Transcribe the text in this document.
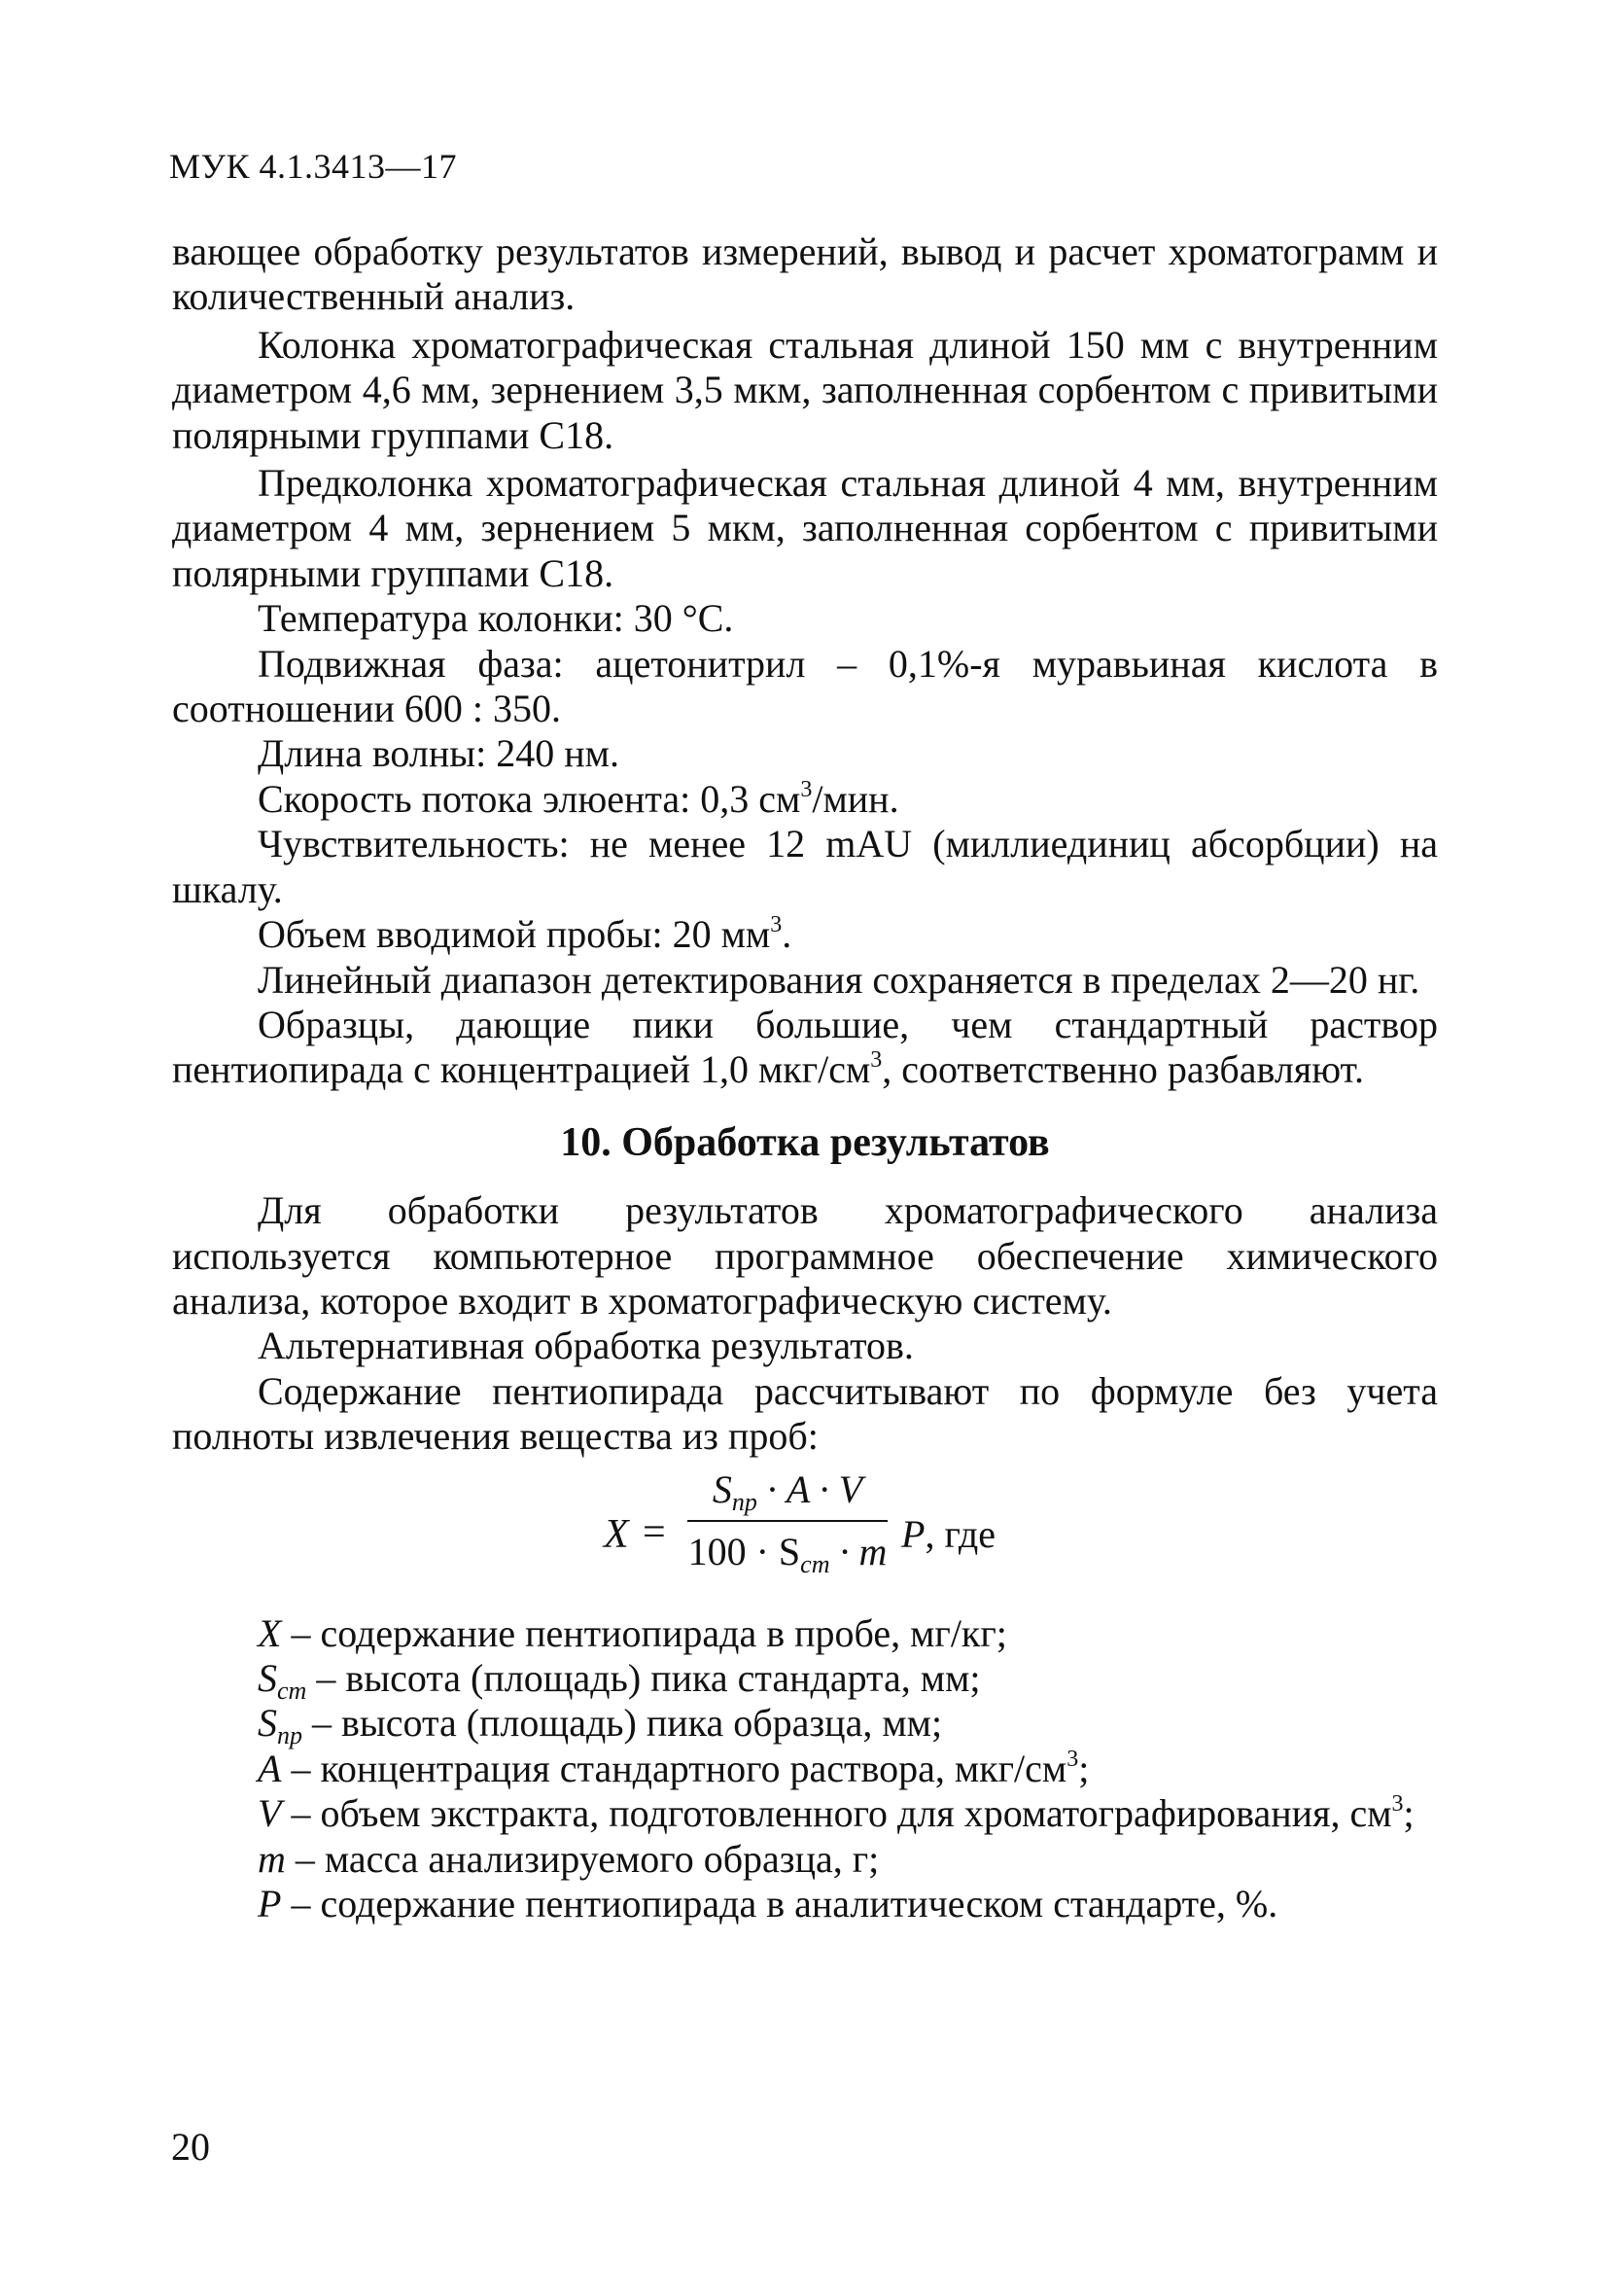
МУК 4.1.3413—17

вающее обработку результатов измерений, вывод и расчет хроматограмм и количественный анализ.

Колонка хроматографическая стальная длиной 150 мм с внутренним диаметром 4,6 мм, зернением 3,5 мкм, заполненная сорбентом с привитыми полярными группами С18.

Предколонка хроматографическая стальная длиной 4 мм, внутренним диаметром 4 мм, зернением 5 мкм, заполненная сорбентом с привитыми полярными группами С18.

Температура колонки: 30 °С.

Подвижная фаза: ацетонитрил – 0,1%-я муравьиная кислота в соотношении 600 : 350.

Длина волны: 240 нм.

Скорость потока элюента: 0,3 $см^3$/мин.

Чувствительность: не менее 12 mAU (миллиединиц абсорбции) на шкалу.

Объем вводимой пробы: 20 $мм^3$.

Линейный диапазон детектирования сохраняется в пределах 2—20 нг.

Образцы, дающие пики большие, чем стандартный раствор пентиопирада с концентрацией 1,0 мкг/$см^3$, соответственно разбавляют.

10. Обработка результатов

Для обработки результатов хроматографического анализа используется компьютерное программное обеспечение химического анализа, которое входит в хроматографическую систему.

Альтернативная обработка результатов.

Содержание пентиопирада рассчитывают по формуле без учета полноты извлечения вещества из проб:

X =
$S_{пр} \cdot A \cdot V$
$100 \cdot S_{ст} \cdot m$ P, где

X – содержание пентиопирада в пробе, мг/кг;

$S_{ст}$ – высота (площадь) пика стандарта, мм;

$S_{пр}$ – высота (площадь) пика образца, мм;

A – концентрация стандартного раствора, мкг/$см^3$;

V – объем экстракта, подготовленного для хроматографирования, $см^3$;

m – масса анализируемого образца, г;

P – содержание пентиопирада в аналитическом стандарте, %.

20
